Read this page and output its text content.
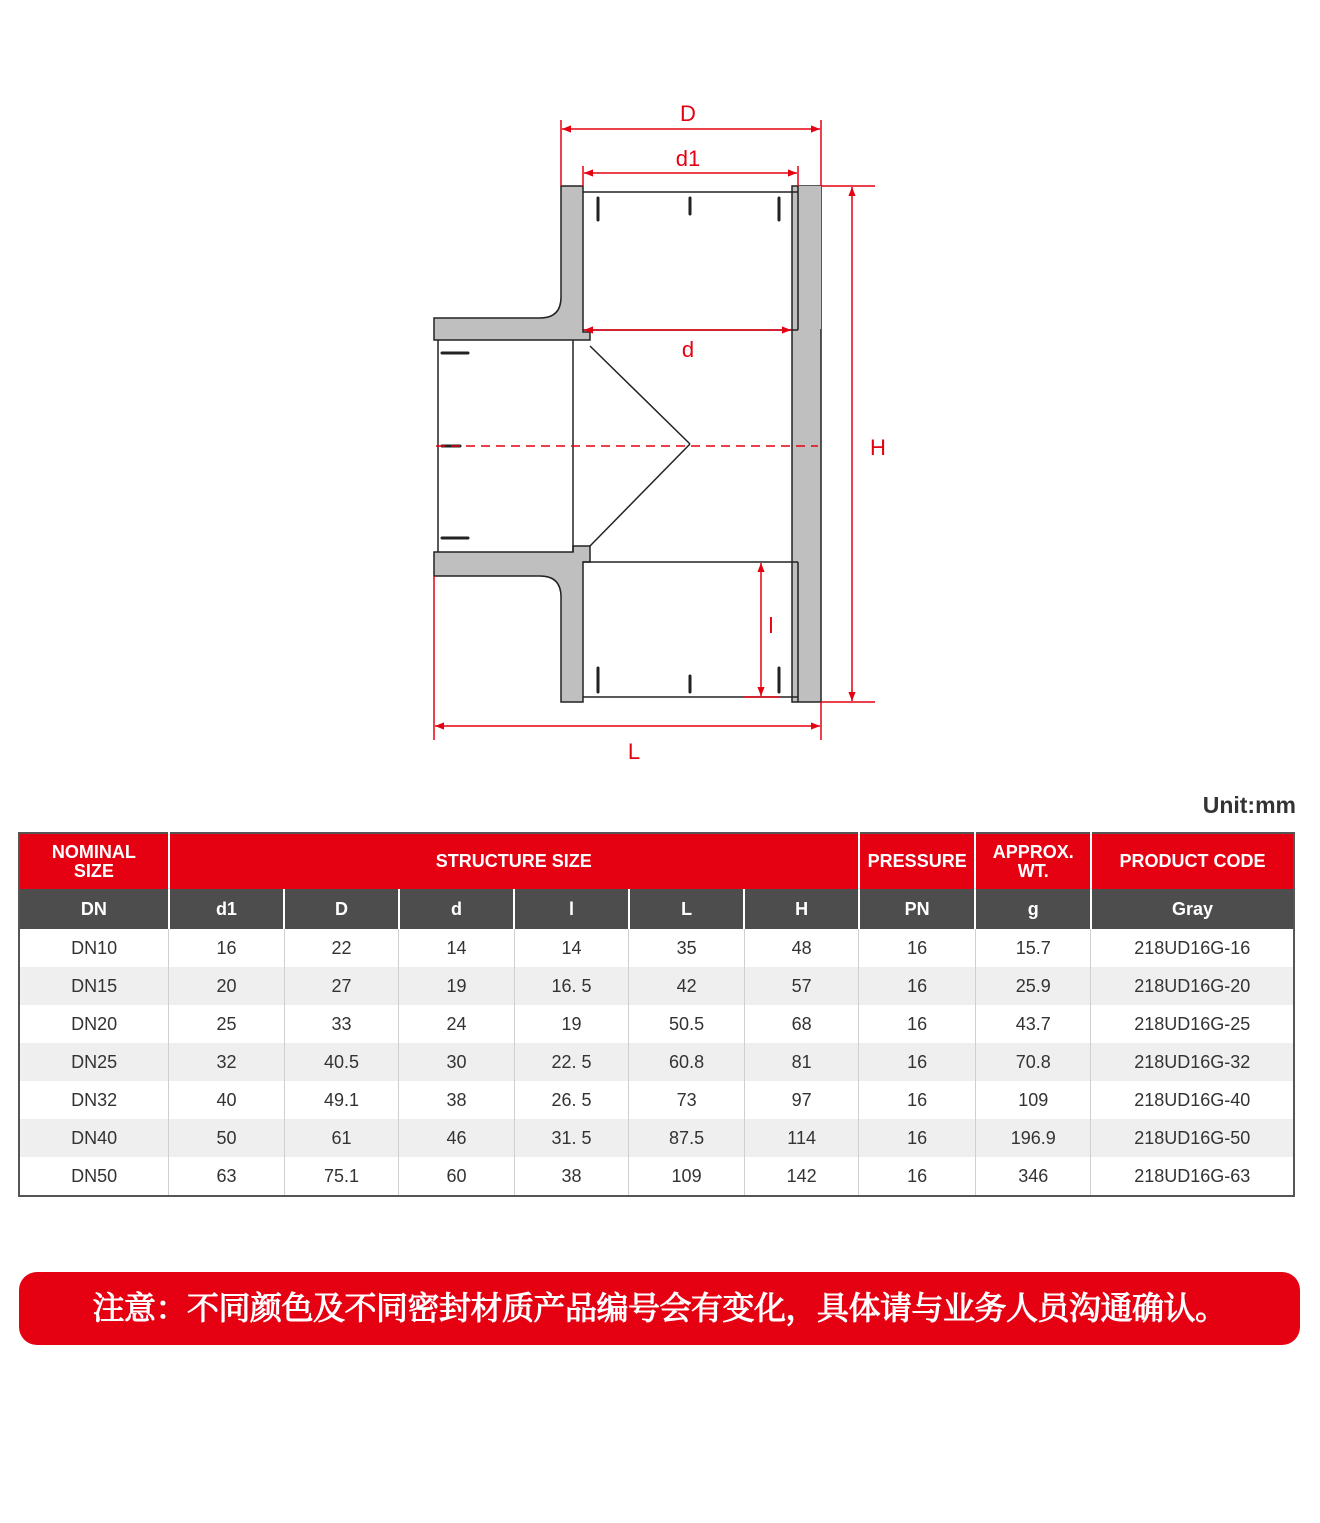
D
d1
d
H
l
L
Unit:mm
NOMINAL SIZE	STRUCTURE SIZE						PRESSURE	APPROX. WT.	PRODUCT CODE
DN	d1	D	d	l	L	H	PN	g	Gray
DN10	16	22	14	14	35	48	16	15.7	218UD16G-16
DN15	20	27	19	16. 5	42	57	16	25.9	218UD16G-20
DN20	25	33	24	19	50.5	68	16	43.7	218UD16G-25
DN25	32	40.5	30	22. 5	60.8	81	16	70.8	218UD16G-32
DN32	40	49.1	38	26. 5	73	97	16	109	218UD16G-40
DN40	50	61	46	31. 5	87.5	114	16	196.9	218UD16G-50
DN50	63	75.1	60	38	109	142	16	346	218UD16G-63
注意：不同颜色及不同密封材质产品编号会有变化，具体请与业务人员沟通确认。
